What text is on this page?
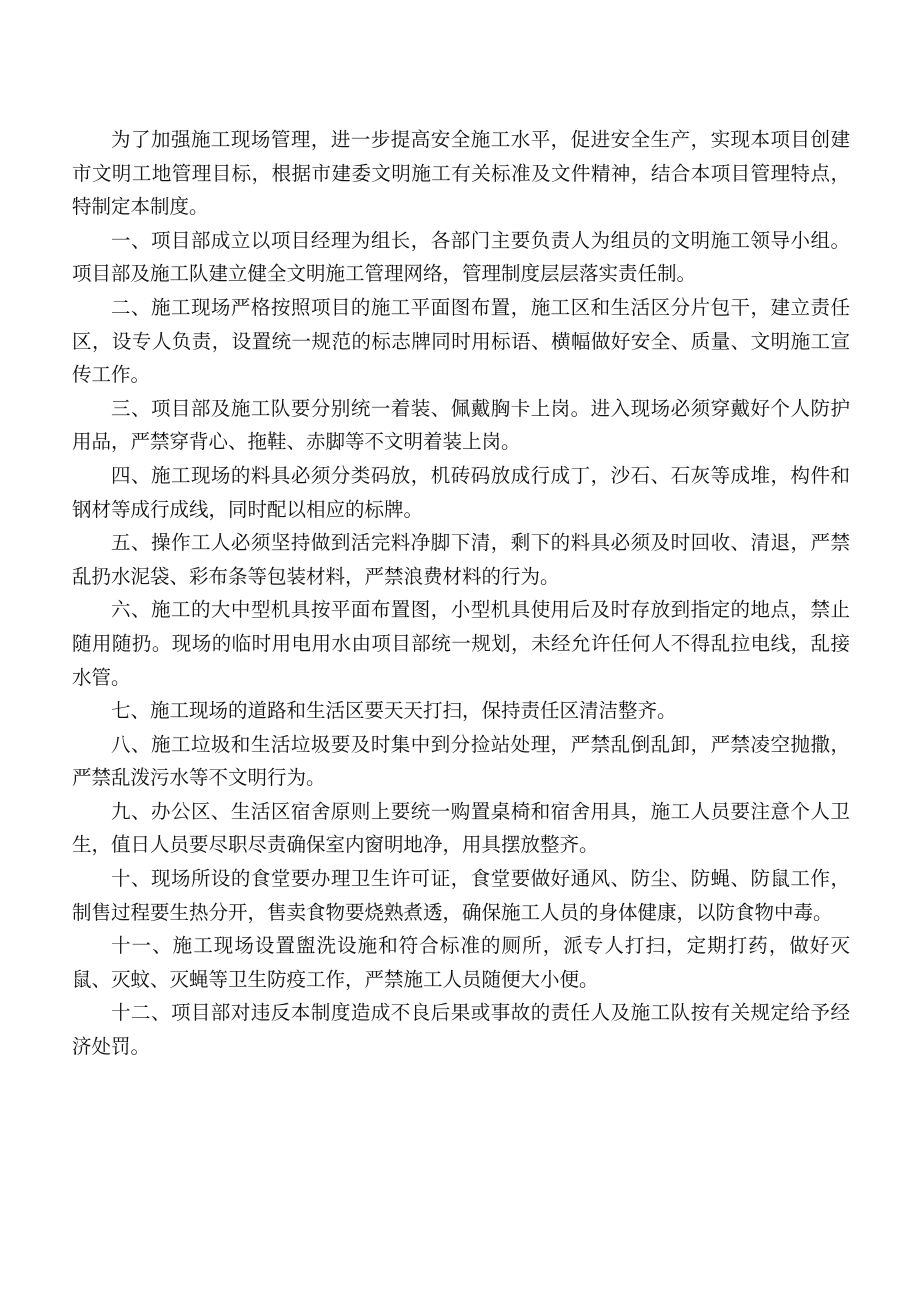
为了加强施工现场管理，进一步提高安全施工水平，促进安全生产，实现本项目创建市文明工地管理目标，根据市建委文明施工有关标准及文件精神，结合本项目管理特点，特制定本制度。

一、项目部成立以项目经理为组长，各部门主要负责人为组员的文明施工领导小组。项目部及施工队建立健全文明施工管理网络，管理制度层层落实责任制。

二、施工现场严格按照项目的施工平面图布置，施工区和生活区分片包干，建立责任区，设专人负责，设置统一规范的标志牌同时用标语、横幅做好安全、质量、文明施工宣传工作。

三、项目部及施工队要分别统一着装、佩戴胸卡上岗。进入现场必须穿戴好个人防护用品，严禁穿背心、拖鞋、赤脚等不文明着装上岗。

四、施工现场的料具必须分类码放，机砖码放成行成丁，沙石、石灰等成堆，构件和钢材等成行成线，同时配以相应的标牌。

五、操作工人必须坚持做到活完料净脚下清，剩下的料具必须及时回收、清退，严禁乱扔水泥袋、彩布条等包装材料，严禁浪费材料的行为。

六、施工的大中型机具按平面布置图，小型机具使用后及时存放到指定的地点，禁止随用随扔。现场的临时用电用水由项目部统一规划，未经允许任何人不得乱拉电线，乱接水管。

七、施工现场的道路和生活区要天天打扫，保持责任区清洁整齐。

八、施工垃圾和生活垃圾要及时集中到分捡站处理，严禁乱倒乱卸，严禁凌空抛撒，严禁乱泼污水等不文明行为。

九、办公区、生活区宿舍原则上要统一购置桌椅和宿舍用具，施工人员要注意个人卫生，值日人员要尽职尽责确保室内窗明地净，用具摆放整齐。

十、现场所设的食堂要办理卫生许可证，食堂要做好通风、防尘、防蝇、防鼠工作，制售过程要生热分开，售卖食物要烧熟煮透，确保施工人员的身体健康，以防食物中毒。

十一、施工现场设置盥洗设施和符合标准的厕所，派专人打扫，定期打药，做好灭鼠、灭蚊、灭蝇等卫生防疫工作，严禁施工人员随便大小便。

十二、项目部对违反本制度造成不良后果或事故的责任人及施工队按有关规定给予经济处罚。
